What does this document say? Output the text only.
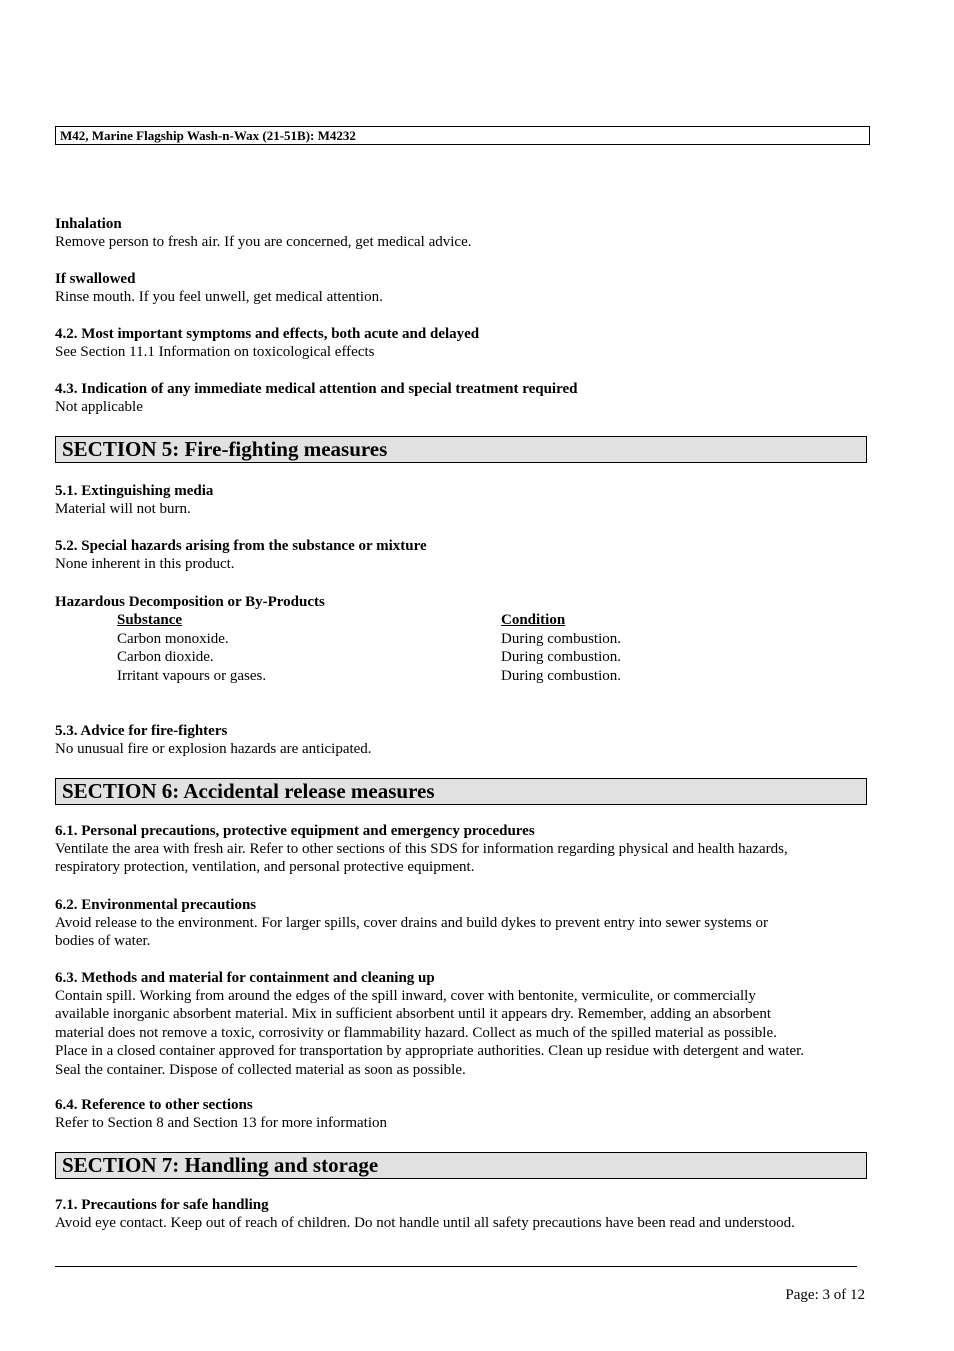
M42, Marine Flagship Wash-n-Wax (21-51B): M4232
Inhalation
Remove person to fresh air. If you are concerned, get medical advice.
If swallowed
Rinse mouth. If you feel unwell, get medical attention.
4.2. Most important symptoms and effects, both acute and delayed
See Section 11.1 Information on toxicological effects
4.3. Indication of any immediate medical attention and special treatment required
Not applicable
SECTION 5: Fire-fighting measures
5.1. Extinguishing media
Material will not burn.
5.2. Special hazards arising from the substance or mixture
None inherent in this product.
Hazardous Decomposition or By-Products
Substance	Condition
Carbon monoxide.	During combustion.
Carbon dioxide.	During combustion.
Irritant vapours or gases.	During combustion.
5.3. Advice for fire-fighters
No unusual fire or explosion hazards are anticipated.
SECTION 6: Accidental release measures
6.1. Personal precautions, protective equipment and emergency procedures
Ventilate the area with fresh air. Refer to other sections of this SDS for information regarding physical and health hazards,
respiratory protection, ventilation, and personal protective equipment.
6.2. Environmental precautions
Avoid release to the environment. For larger spills, cover drains and build dykes to prevent entry into sewer systems or
bodies of water.
6.3. Methods and material for containment and cleaning up
Contain spill. Working from around the edges of the spill inward, cover with bentonite, vermiculite, or commercially
available inorganic absorbent material. Mix in sufficient absorbent until it appears dry. Remember, adding an absorbent
material does not remove a toxic, corrosivity or flammability hazard. Collect as much of the spilled material as possible.
Place in a closed container approved for transportation by appropriate authorities. Clean up residue with detergent and water.
Seal the container. Dispose of collected material as soon as possible.
6.4. Reference to other sections
Refer to Section 8 and Section 13 for more information
SECTION 7: Handling and storage
7.1. Precautions for safe handling
Avoid eye contact. Keep out of reach of children. Do not handle until all safety precautions have been read and understood.
Page: 3 of 12
